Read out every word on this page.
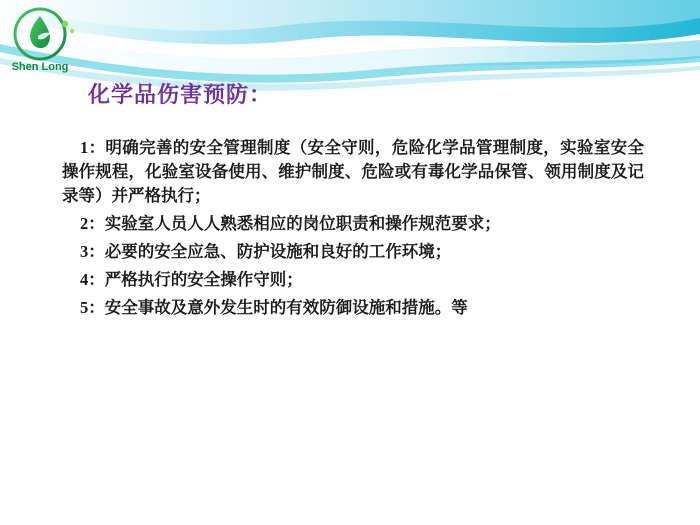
Shen Long
化学品伤害预防：

1：明确完善的安全管理制度（安全守则，危险化学品管理制度，实验室安全操作规程，化验室设备使用、维护制度、危险或有毒化学品保管、领用制度及记录等）并严格执行；

2：实验室人员人人熟悉相应的岗位职责和操作规范要求；

3：必要的安全应急、防护设施和良好的工作环境；

4：严格执行的安全操作守则；

5：安全事故及意外发生时的有效防御设施和措施。等
